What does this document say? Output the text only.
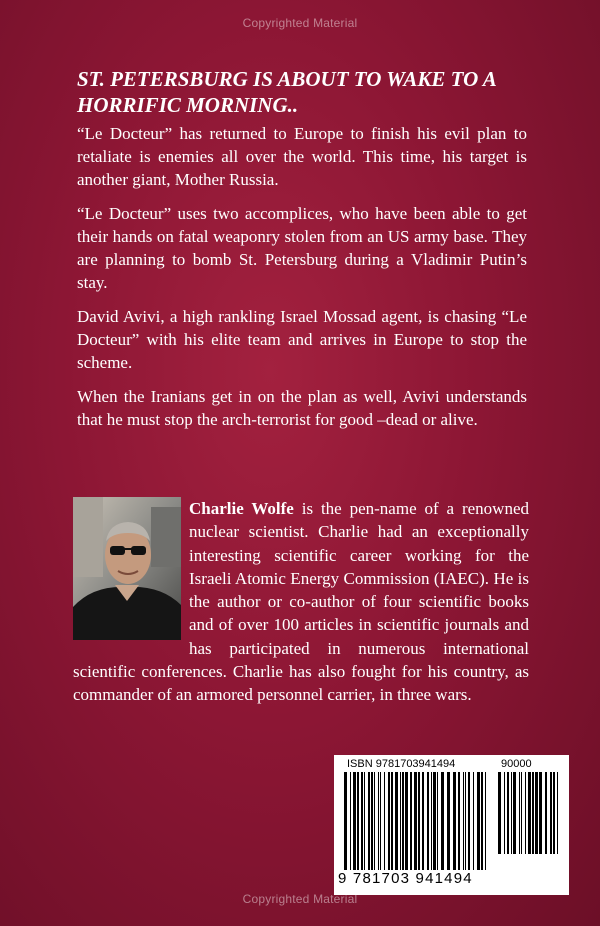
Copyrighted Material
ST. PETERSBURG IS ABOUT TO WAKE TO A HORRIFIC MORNING..

“Le Docteur” has returned to Europe to finish his evil plan to retaliate is enemies all over the world. This time, his target is another giant, Mother Russia.

“Le Docteur” uses two accomplices, who have been able to get their hands on fatal weaponry stolen from an US army base. They are planning to bomb St. Petersburg during a Vladimir Putin’s stay.

David Avivi, a high rankling Israel Mossad agent, is chasing “Le Docteur” with his elite team and arrives in Europe to stop the scheme.

When the Iranians get in on the plan as well, Avivi understands that he must stop the arch-terrorist for good –dead or alive.

Charlie Wolfe is the pen-name of a renowned nuclear scientist. Charlie had an exceptionally interesting scientific career working for the Israeli Atomic Energy Commission (IAEC). He is the author or co-author of four scientific books and of over 100 articles in scientific journals and has participated in numerous international scientific conferences. Charlie has also fought for his country, as commander of an armored personnel carrier, in three wars.
ISBN 9781703941494	90000
9 781703 941494
Copyrighted Material
